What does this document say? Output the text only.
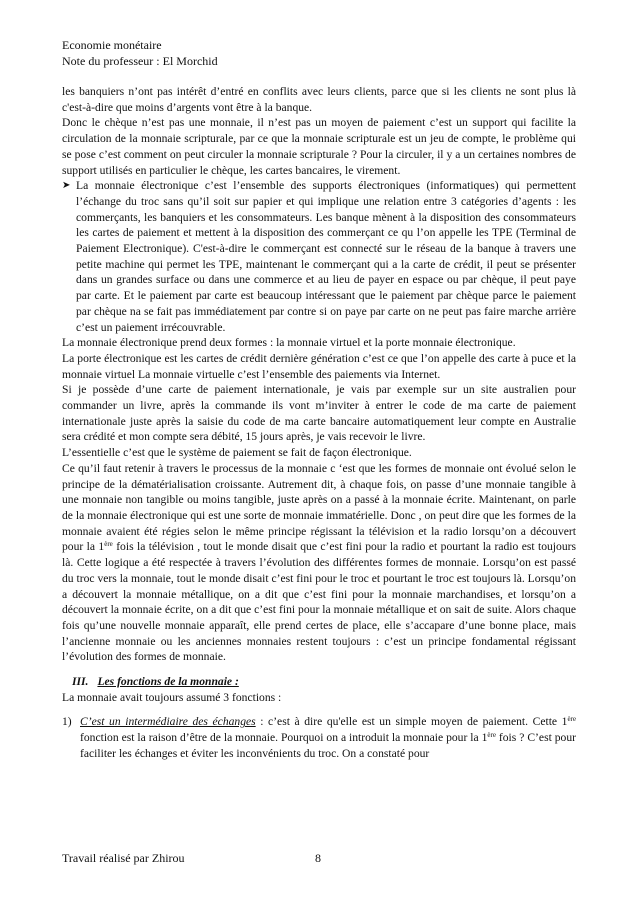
Economie monétaire
Note du professeur : El Morchid

les banquiers n’ont pas intérêt d’entré en conflits avec leurs clients, parce que si les clients ne sont plus là c'est-à-dire que moins d’argents vont être à la banque.

Donc le chèque n’est pas une monnaie, il n’est pas un moyen de paiement c’est un support qui facilite la circulation de la monnaie scripturale, par ce que la monnaie scripturale est un jeu de compte, le problème qui se pose c’est comment on peut circuler la monnaie scripturale ? Pour la circuler, il y a un certaines nombres de support utilisés en particulier le chèque, les cartes bancaires, le virement.

➤ La monnaie électronique c’est l’ensemble des supports électroniques (informatiques) qui permettent l’échange du troc sans qu’il soit sur papier et qui implique une relation entre 3 catégories d’agents : les commerçants, les banquiers et les consommateurs. Les banque mènent à la disposition des consommateurs les cartes de paiement et mettent à la disposition des commerçant ce qu l’on appelle les TPE (Terminal de Paiement Electronique). C'est-à-dire le commerçant est connecté sur le réseau de la banque à travers une petite machine qui permet les TPE, maintenant le commerçant qui a la carte de crédit, il peut se présenter dans un grandes surface ou dans une commerce et au lieu de payer en espace ou par chèque, il peut paye par carte. Et le paiement par carte est beaucoup intéressant que le paiement par chèque parce le paiement par chèque na se fait pas immédiatement par contre si on paye par carte on ne peut pas faire marche arrière c’est un paiement irrécouvrable.

La monnaie électronique prend deux formes : la monnaie virtuel et la porte monnaie électronique.

La porte électronique est les cartes de crédit dernière génération c’est ce que l’on appelle des carte à puce et la monnaie virtuel La monnaie virtuelle c’est l’ensemble des paiements via Internet.

Si je possède d’une carte de paiement internationale, je vais par exemple sur un site australien pour commander un livre, après la commande ils vont m’inviter à entrer le code de ma carte de paiement internationale juste après la saisie du code de ma carte bancaire automatiquement leur compte en Australie sera crédité et mon compte sera débité, 15 jours après, je vais recevoir le livre.

L’essentielle c’est que le système de paiement se fait de façon électronique.

Ce qu’il faut retenir à travers le processus de la monnaie c ‘est que les formes de monnaie ont évolué selon le principe de la dématérialisation croissante. Autrement dit, à chaque fois, on passe d’une monnaie tangible à une monnaie non tangible ou moins tangible, juste après on a passé à la monnaie écrite. Maintenant, on parle de la monnaie électronique qui est une sorte de monnaie immatérielle. Donc , on peut dire que les formes de la monnaie avaient été régies selon le même principe régissant la télévision et la radio lorsqu’on a découvert pour la 1ère fois la télévision , tout le monde disait que c’est fini pour la radio et pourtant la radio est toujours là. Cette logique a été respectée à travers l’évolution des différentes formes de monnaie. Lorsqu’on est passé du troc vers la monnaie, tout le monde disait c’est fini pour le troc et pourtant le troc est toujours là. Lorsqu’on a découvert la monnaie métallique, on a dit que c’est fini pour la monnaie marchandises, et lorsqu’on a découvert la monnaie écrite, on a dit que c’est fini pour la monnaie métallique et on sait de suite. Alors chaque fois qu’une nouvelle monnaie apparaît, elle prend certes de place, elle s’accapare d’une bonne place, mais l’ancienne monnaie ou les anciennes monnaies restent toujours : c’est un principe fondamental régissant l’évolution des formes de monnaie.

III. Les fonctions de la monnaie :

La monnaie avait toujours assumé 3 fonctions :

1) C’est un intermédiaire des échanges : c’est à dire qu'elle est un simple moyen de paiement. Cette 1ère fonction est la raison d’être de la monnaie. Pourquoi on a introduit la monnaie pour la 1ère fois ? C’est pour faciliter les échanges et éviter les inconvénients du troc. On a constaté pour
Travail réalisé par Zhirou	8
